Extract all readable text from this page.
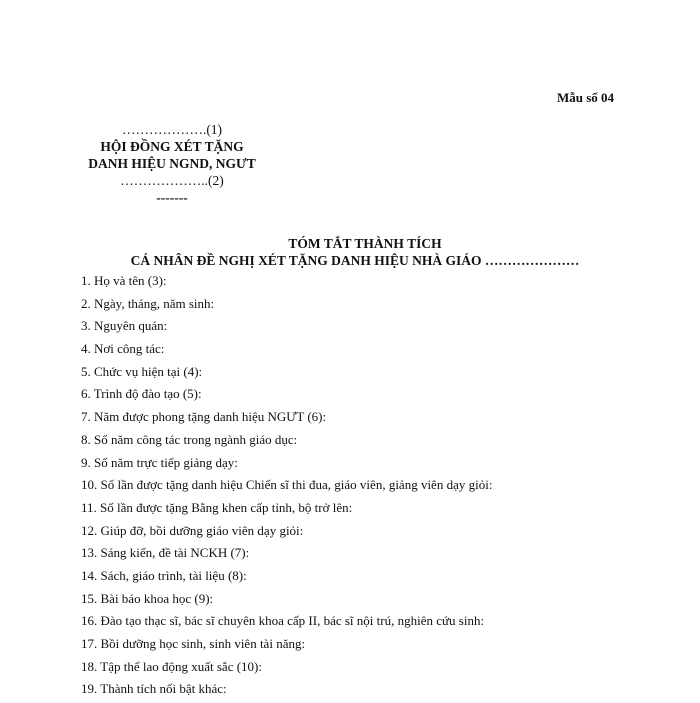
Mẫu số 04
……………….(1)
HỘI ĐỒNG XÉT TẶNG
DANH HIỆU NGND, NGƯT
………………..(2)
-------
TÓM TẮT THÀNH TÍCH
CÁ NHÂN ĐỀ NGHỊ XÉT TẶNG DANH HIỆU NHÀ GIÁO …………………
1. Họ và tên (3):
2. Ngày, tháng, năm sinh:
3. Nguyên quán:
4. Nơi công tác:
5. Chức vụ hiện tại (4):
6. Trình độ đào tạo (5):
7. Năm được phong tặng danh hiệu NGƯT (6):
8. Số năm công tác trong ngành giáo dục:
9. Số năm trực tiếp giảng dạy:
10. Số lần được tặng danh hiệu Chiến sĩ thi đua, giáo viên, giảng viên dạy giỏi:
11. Số lần được tặng Bằng khen cấp tỉnh, bộ trở lên:
12. Giúp đỡ, bồi dưỡng giáo viên dạy giỏi:
13. Sáng kiến, đề tài NCKH (7):
14. Sách, giáo trình, tài liệu (8):
15. Bài báo khoa học (9):
16. Đào tạo thạc sĩ, bác sĩ chuyên khoa cấp II, bác sĩ nội trú, nghiên cứu sinh:
17. Bồi dưỡng học sinh, sinh viên tài năng:
18. Tập thể lao động xuất sắc (10):
19. Thành tích nổi bật khác:
